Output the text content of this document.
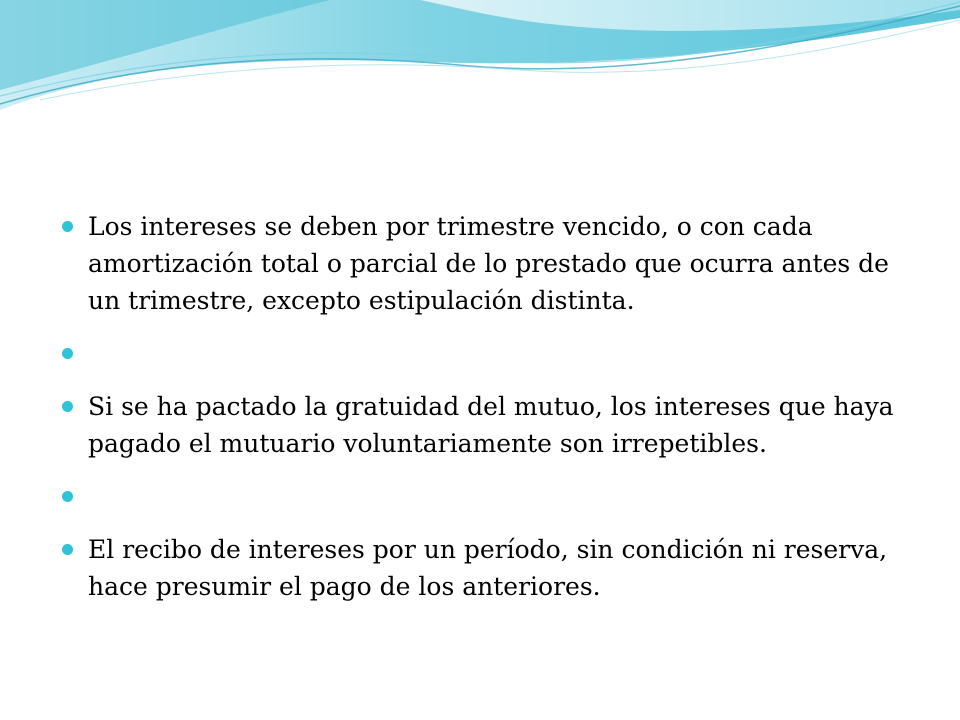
Los intereses se deben por trimestre vencido, o con cada amortización total o parcial de lo prestado que ocurra antes de un trimestre, excepto estipulación distinta.
Si se ha pactado la gratuidad del mutuo, los intereses que haya pagado el mutuario voluntariamente son irrepetibles.
El recibo de intereses por un período, sin condición ni reserva, hace presumir el pago de los anteriores.
